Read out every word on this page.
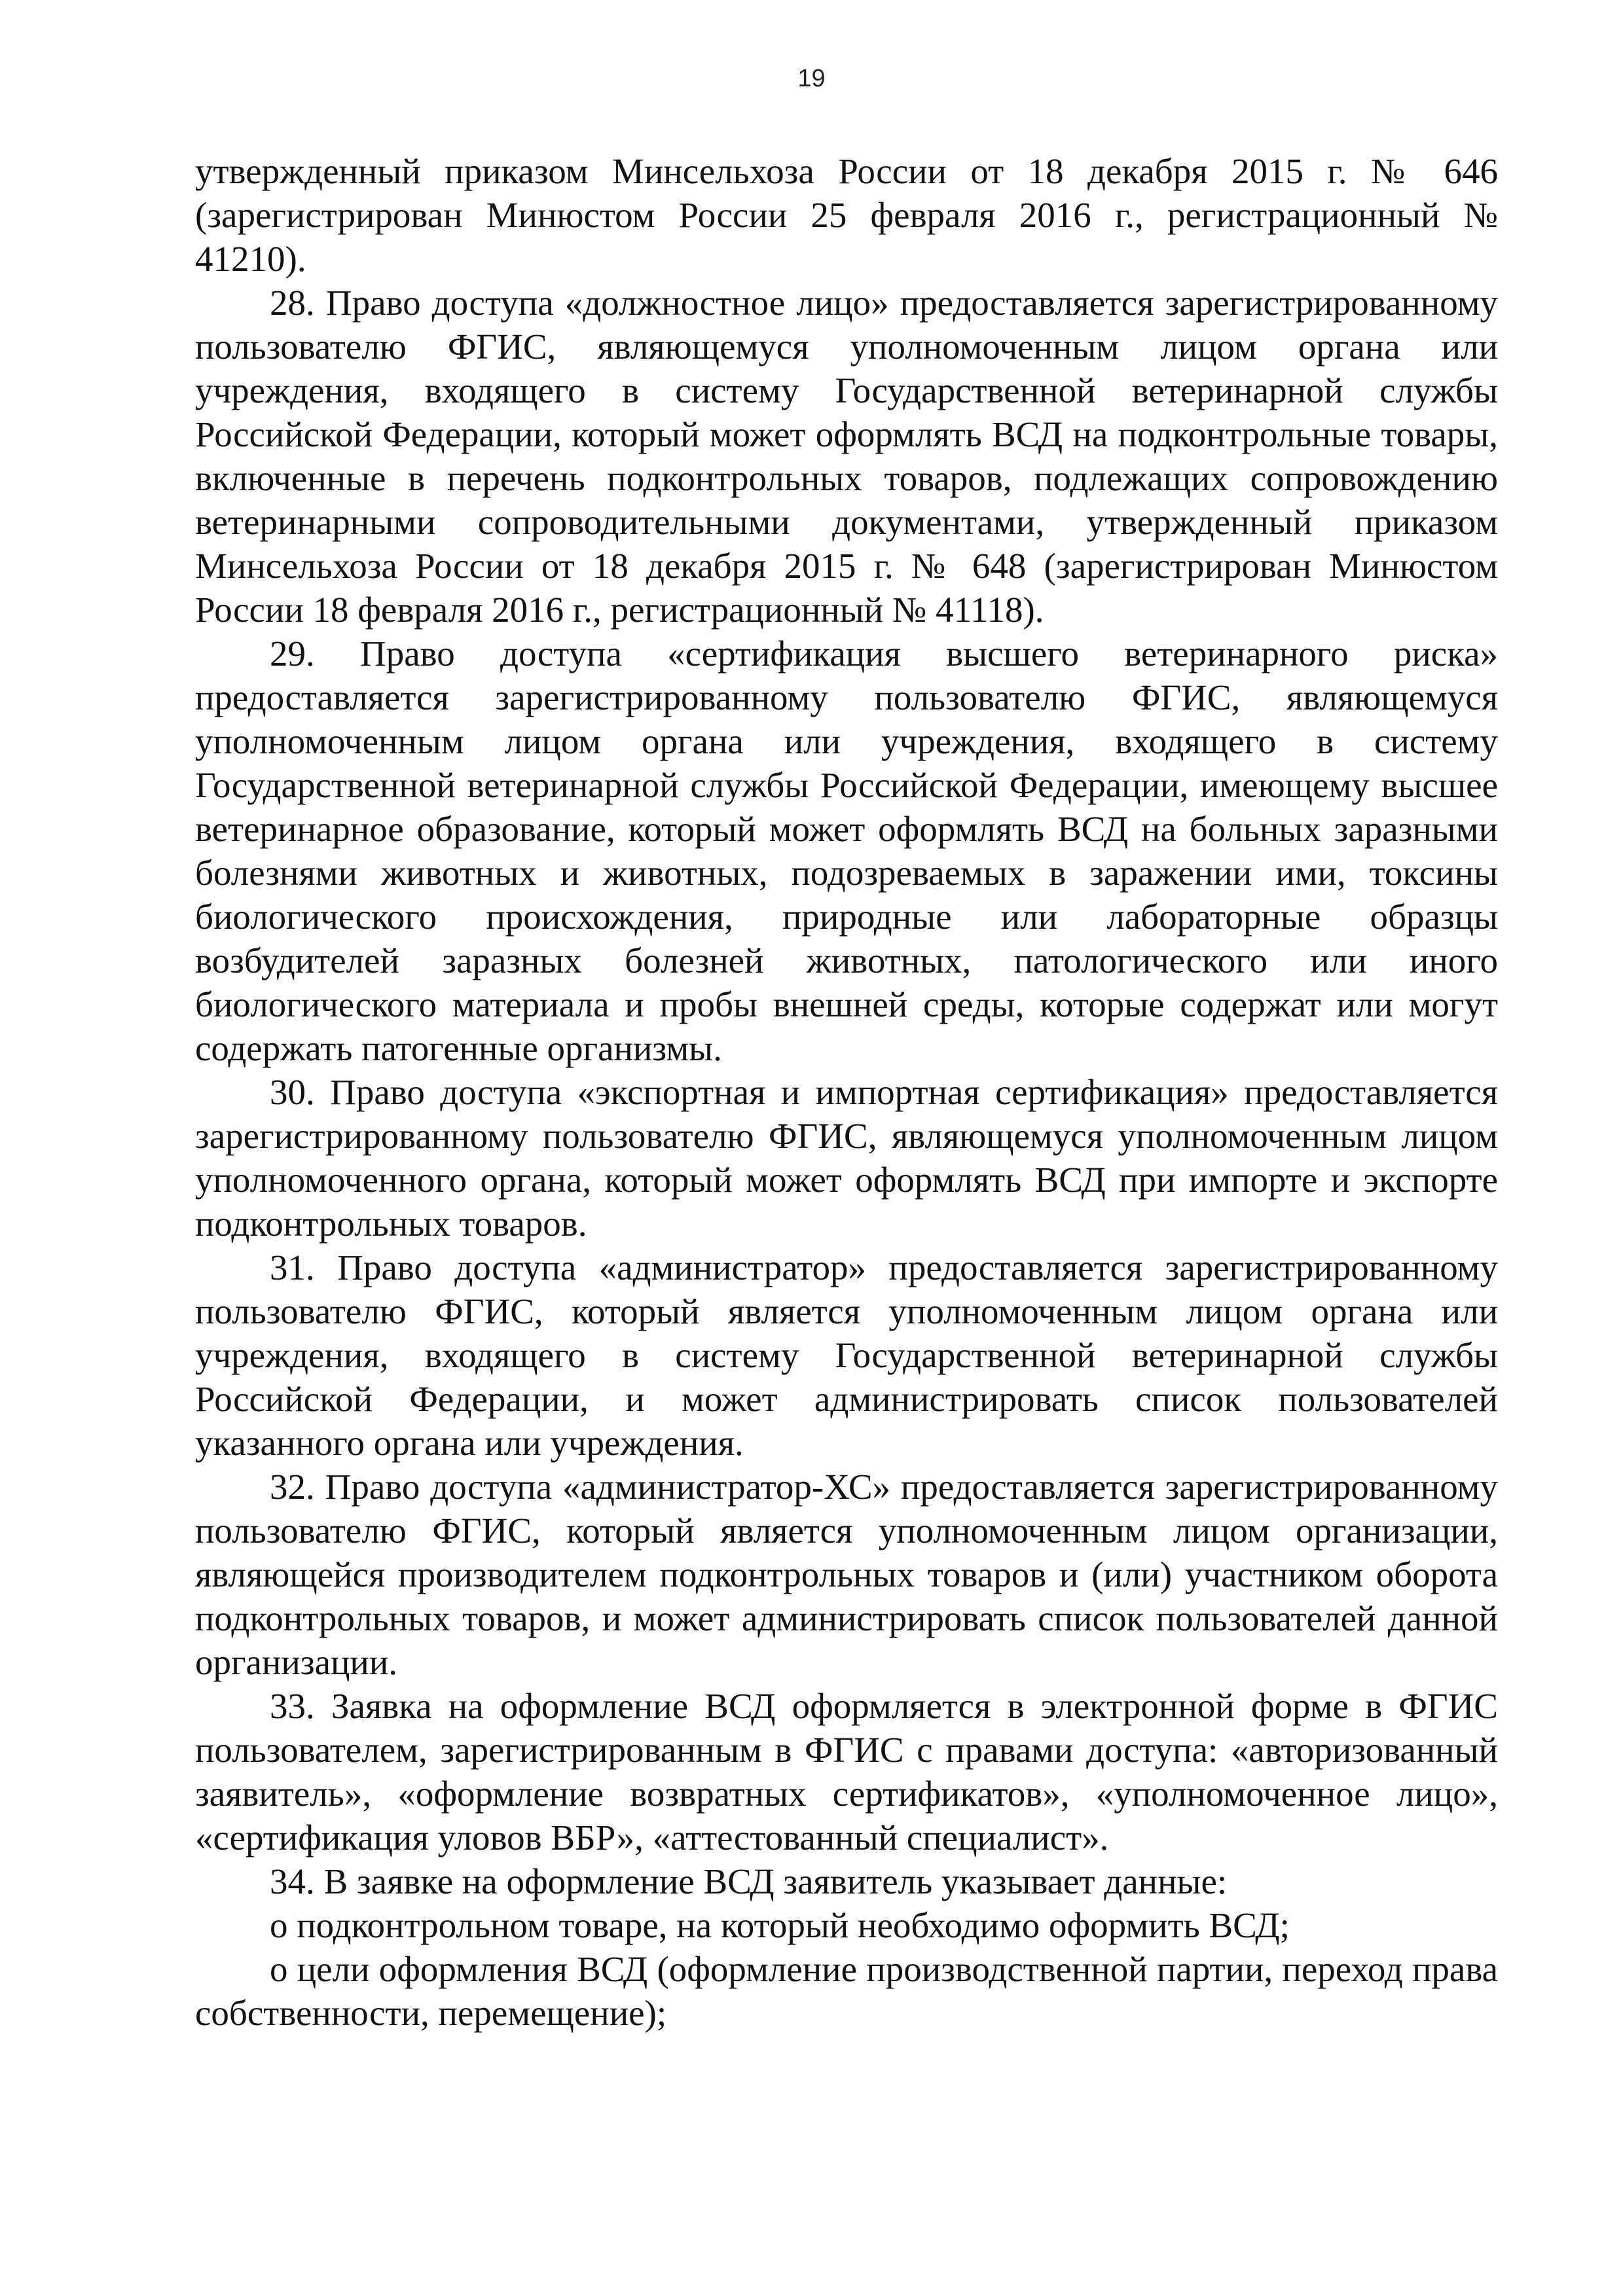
19

утвержденный приказом Минсельхоза России от 18 декабря 2015 г. № 646 (зарегистрирован Минюстом России 25 февраля 2016 г., регистрационный № 41210).

28. Право доступа «должностное лицо» предоставляется зарегистрированному пользователю ФГИС, являющемуся уполномоченным лицом органа или учреждения, входящего в систему Государственной ветеринарной службы Российской Федерации, который может оформлять ВСД на подконтрольные товары, включенные в перечень подконтрольных товаров, подлежащих сопровождению ветеринарными сопроводительными документами, утвержденный приказом Минсельхоза России от 18 декабря 2015 г. № 648 (зарегистрирован Минюстом России 18 февраля 2016 г., регистрационный № 41118).

29. Право доступа «сертификация высшего ветеринарного риска» предоставляется зарегистрированному пользователю ФГИС, являющемуся уполномоченным лицом органа или учреждения, входящего в систему Государственной ветеринарной службы Российской Федерации, имеющему высшее ветеринарное образование, который может оформлять ВСД на больных заразными болезнями животных и животных, подозреваемых в заражении ими, токсины биологического происхождения, природные или лабораторные образцы возбудителей заразных болезней животных, патологического или иного биологического материала и пробы внешней среды, которые содержат или могут содержать патогенные организмы.

30. Право доступа «экспортная и импортная сертификация» предоставляется зарегистрированному пользователю ФГИС, являющемуся уполномоченным лицом уполномоченного органа, который может оформлять ВСД при импорте и экспорте подконтрольных товаров.

31. Право доступа «администратор» предоставляется зарегистрированному пользователю ФГИС, который является уполномоченным лицом органа или учреждения, входящего в систему Государственной ветеринарной службы Российской Федерации, и может администрировать список пользователей указанного органа или учреждения.

32. Право доступа «администратор-ХС» предоставляется зарегистрированному пользователю ФГИС, который является уполномоченным лицом организации, являющейся производителем подконтрольных товаров и (или) участником оборота подконтрольных товаров, и может администрировать список пользователей данной организации.

33. Заявка на оформление ВСД оформляется в электронной форме в ФГИС пользователем, зарегистрированным в ФГИС с правами доступа: «авторизованный заявитель», «оформление возвратных сертификатов», «уполномоченное лицо», «сертификация уловов ВБР», «аттестованный специалист».

34. В заявке на оформление ВСД заявитель указывает данные:

о подконтрольном товаре, на который необходимо оформить ВСД;

о цели оформления ВСД (оформление производственной партии, переход права собственности, перемещение);
